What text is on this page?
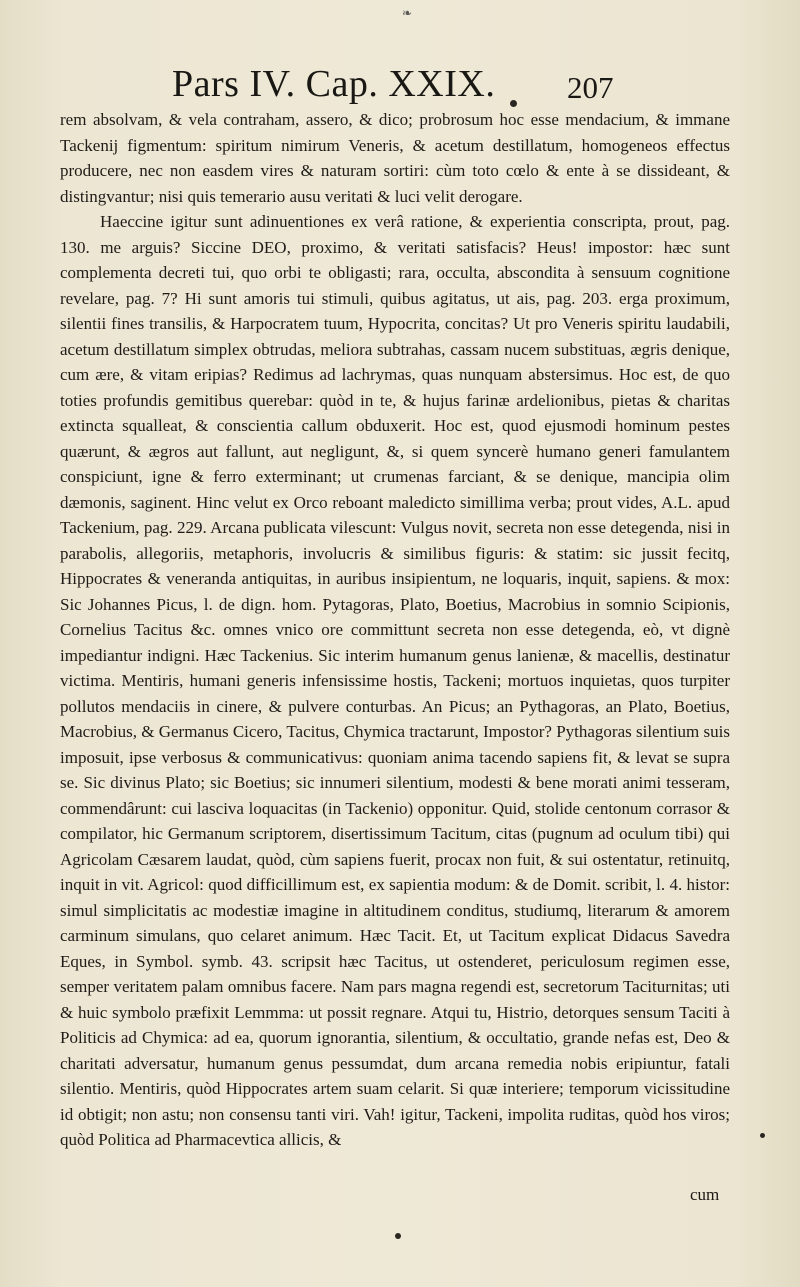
❧
Pars IV. Cap. XXIX. 207

rem absolvam, & vela contraham, assero, & dico; probrosum hoc esse mendacium, & immane Tackenij figmentum: spiritum nimirum Veneris, & acetum destillatum, homogeneos effectus producere, nec non easdem vires & naturam sortiri: cùm toto cœlo & ente à se dissideant, & distingvantur; nisi quis temerario ausu veritati & luci velit derogare.

Haeccine igitur sunt adinuentiones ex verâ ratione, & experientia conscripta, prout, pag. 130. me arguis? Siccine DEO, proximo, & veritati satisfacis? Heus! impostor: hæc sunt complementa decreti tui, quo orbi te obligasti; rara, occulta, abscondita à sensuum cognitione revelare, pag. 7? Hi sunt amoris tui stimuli, quibus agitatus, ut ais, pag. 203. erga proximum, silentii fines transilis, & Harpocratem tuum, Hypocrita, concitas? Ut pro Veneris spiritu laudabili, acetum destillatum simplex obtrudas, meliora subtrahas, cassam nucem substituas, ægris denique, cum ære, & vitam eripias? Redimus ad lachrymas, quas nunquam abstersimus. Hoc est, de quo toties profundis gemitibus querebar: quòd in te, & hujus farinæ ardelionibus, pietas & charitas extincta squalleat, & conscientia callum obduxerit. Hoc est, quod ejusmodi hominum pestes quærunt, & ægros aut fallunt, aut negligunt, &, si quem syncerè humano generi famulantem conspiciunt, igne & ferro exterminant; ut crumenas farciant, & se denique, mancipia olim dæmonis, saginent. Hinc velut ex Orco reboant maledicto simillima verba; prout vides, A.L. apud Tackenium, pag. 229. Arcana publicata vilescunt: Vulgus novit, secreta non esse detegenda, nisi in parabolis, allegoriis, metaphoris, involucris & similibus figuris: & statim: sic jussit fecitq, Hippocrates & veneranda antiquitas, in auribus insipientum, ne loquaris, inquit, sapiens. & mox: Sic Johannes Picus, l. de dign. hom. Pytagoras, Plato, Boetius, Macrobius in somnio Scipionis, Cornelius Tacitus &c. omnes vnico ore committunt secreta non esse detegenda, eò, vt dignè impediantur indigni. Hæc Tackenius. Sic interim humanum genus lanienæ, & macellis, destinatur victima. Mentiris, humani generis infensissime hostis, Tackeni; mortuos inquietas, quos turpiter pollutos mendaciis in cinere, & pulvere conturbas. An Picus; an Pythagoras, an Plato, Boetius, Macrobius, & Germanus Cicero, Tacitus, Chymica tractarunt, Impostor? Pythagoras silentium suis imposuit, ipse verbosus & communicativus: quoniam anima tacendo sapiens fit, & levat se supra se. Sic divinus Plato; sic Boetius; sic innumeri silentium, modesti & bene morati animi tesseram, commendârunt: cui lasciva loquacitas (in Tackenio) opponitur. Quid, stolide centonum corrasor & compilator, hic Germanum scriptorem, disertissimum Tacitum, citas (pugnum ad oculum tibi) qui Agricolam Cæsarem laudat, quòd, cùm sapiens fuerit, procax non fuit, & sui ostentatur, retinuitq, inquit in vit. Agricol: quod difficillimum est, ex sapientia modum: & de Domit. scribit, l. 4. histor: simul simplicitatis ac modestiæ imagine in altitudinem conditus, studiumq, literarum & amorem carminum simulans, quo celaret animum. Hæc Tacit. Et, ut Tacitum explicat Didacus Savedra Eques, in Symbol. symb. 43. scripsit hæc Tacitus, ut ostenderet, periculosum regimen esse, semper veritatem palam omnibus facere. Nam pars magna regendi est, secretorum Taciturnitas; uti & huic symbolo præfixit Lemmma: ut possit regnare. Atqui tu, Histrio, detorques sensum Taciti à Politicis ad Chymica: ad ea, quorum ignorantia, silentium, & occultatio, grande nefas est, Deo & charitati adversatur, humanum genus pessumdat, dum arcana remedia nobis eripiuntur, fatali silentio. Mentiris, quòd Hippocrates artem suam celarit. Si quæ interiere; temporum vicissitudine id obtigit; non astu; non consensu tanti viri. Vah! igitur, Tackeni, impolita ruditas, quòd hos viros; quòd Politica ad Pharmacevtica allicis, &

cum
